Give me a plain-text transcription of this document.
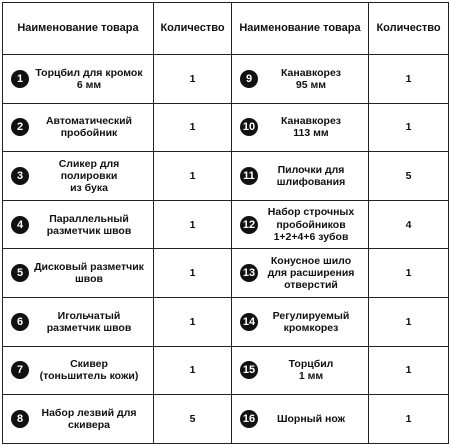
Наименование товара	Количество	Наименование товара	Количество

1
Торцбил для кромок
6 мм	1	9
Канавкорез
95 мм	1

2
Автоматический
пробойник	1	10
Канавкорез
113 мм	1

3
Сликер для полировки
из бука	1	11
Пилочки для
шлифования	5

4
Параллельный
разметчик швов	1	12
Набор строчных
пробойников
1+2+4+6 зубов	4

5
Дисковый разметчик
швов	1	13
Конусное шило
для расширения
отверстий	1

6
Игольчатый
разметчик швов	1	14
Регулируемый
кромкорез	1

7
Скивер
(тоньшитель кожи)	1	15
Торцбил
1 мм	1

8
Набор лезвий для
скивера	5	16 Шорный нож	1
